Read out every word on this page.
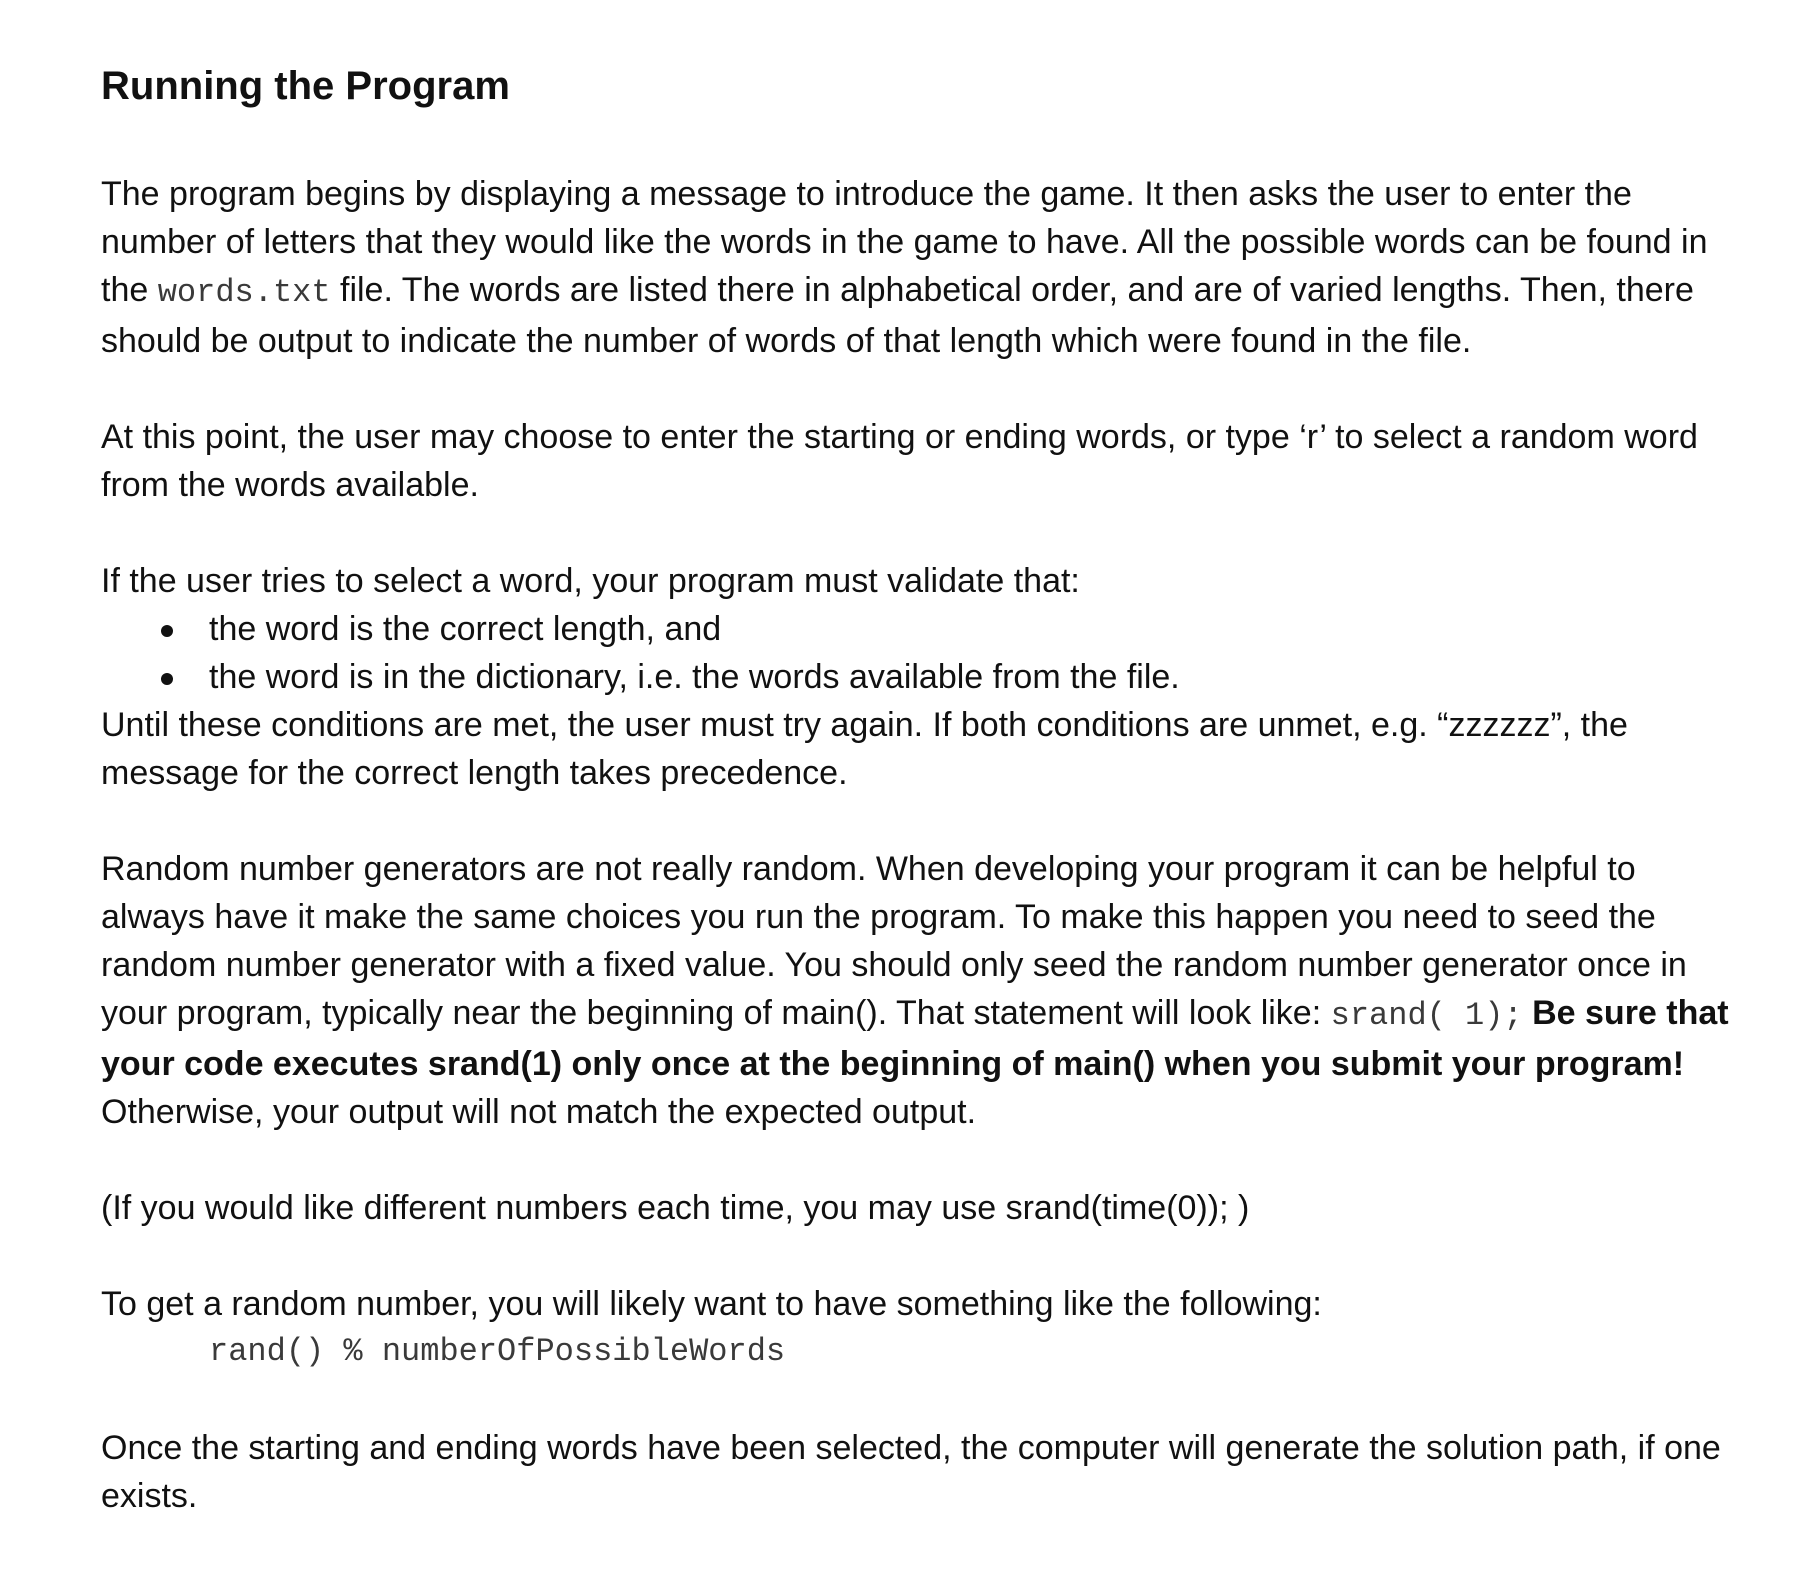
Running the Program

The program begins by displaying a message to introduce the game. It then asks the user to enter the number of letters that they would like the words in the game to have. All the possible words can be found in the words.txt file. The words are listed there in alphabetical order, and are of varied lengths. Then, there should be output to indicate the number of words of that length which were found in the file.

At this point, the user may choose to enter the starting or ending words, or type ‘r’ to select a random word from the words available.

If the user tries to select a word, your program must validate that:

the word is the correct length, and
the word is in the dictionary, i.e. the words available from the file.

Until these conditions are met, the user must try again. If both conditions are unmet, e.g. “zzzzzz”, the message for the correct length takes precedence.

Random number generators are not really random. When developing your program it can be helpful to always have it make the same choices you run the program. To make this happen you need to seed the random number generator with a fixed value. You should only seed the random number generator once in your program, typically near the beginning of main(). That statement will look like: srand( 1); Be sure that your code executes srand(1) only once at the beginning of main() when you submit your program! Otherwise, your output will not match the expected output.

(If you would like different numbers each time, you may use srand(time(0)); )

To get a random number, you will likely want to have something like the following:

rand() % numberOfPossibleWords

Once the starting and ending words have been selected, the computer will generate the solution path, if one exists.
